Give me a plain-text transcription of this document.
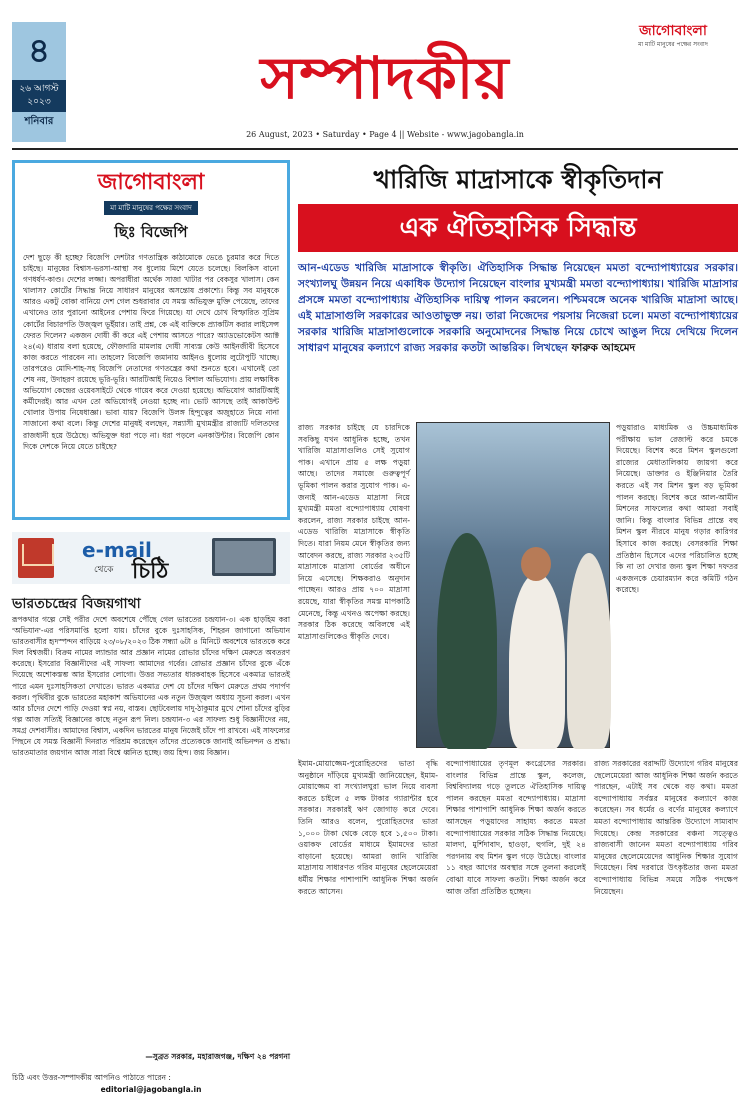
৪
২৬ আগস্ট ২০২৩
শনিবার
সম্পাদকীয়
জাগোবাংলা
মা মাটি মানুষের পক্ষের সংবাদ
26 August, 2023 • Saturday • Page 4 || Website - www.jagobangla.in
জাগোবাংলা
মা মাটি মানুষের পক্ষের সংবাদ
ছিঃ বিজেপি
দেশ ছুড়ে কী হচ্ছে? বিজেপি দেশটার গণতান্ত্রিক কাঠামোকে ভেঙে চুরমার করে দিতে চাইছে। মানুষের বিশ্বাস-ভরসা-আস্থা সব ধুলোয় মিশে যেতে চলেছে। বিলকিস বানো গণধর্ষণ-কাণ্ড। দেশের লজ্জা। অপরাধীরা অর্থেক সাজা খাটার পর বেকসুর খালাস। কেন খালাস? কোর্টের সিদ্ধান্ত নিয়ে সাধারণ মানুষের অসন্তোষ প্রকাশ্যে। কিন্তু সব মানুষকে আরও একটু বোকা বানিয়ে দেশ গেল শুধরাবার যে সমস্ত অভিযুক্ত মুক্তি পেয়েছে, তাদের এখানেও তার পুরানো আইনের পেশায় ফিরে গিয়েছে। যা দেখে চোখ বিস্ফারিত সুপ্রিম কোর্টের বিচারপতি উজ্জ্বল ভূইঁয়ার। তাই প্রশ্ন, কে এই ব্যক্তিকে প্র্যাকটিস করার লাইসেন্স ফেরত দিলেন? একজন দোষী কী করে এই পেশায় আসতে পারে? অ্যাডভোকেটস অ্যাক্ট ২৪(এ) ধারায় বলা হয়েছে, ফৌজদারি মামলায় দোষী সাব্যস্ত কেউ আইনজীবী হিসেবে কাজ করতে পারবেন না। তাহলে? বিজেপি জমানায় আইনও ধুলোয় লুটোপুটি খাচ্ছে। তারপরেও মোদি-শাহ-সহ বিজেপি নেতাদের গণতন্ত্রের কথা শুনতে হবে। এখানেই তো শেষ নয়, উদাহরণ রয়েছে ভূরি-ভূরি। আরটিআই নিয়েও বিশাল অভিযোগ। প্রায় লক্ষাধিক অভিযোগ কেন্দ্রের ওয়েবসাইটে থেকে গায়েব করে দেওয়া হয়েছে। অভিযোগ আরটিআই কর্মীদেরই। আর এখন তো অভিযোগই নেওয়া হচ্ছে না। ভোট আসছে তাই আকাউন্ট খোলার উপায় নিষেধাজ্ঞা। ভাবা যায়? বিজেপি উলঙ্গ হিন্দুত্বের অজুহাতে নিয়ে নানা সাজানো কথা বলে। কিন্তু দেশের মানুষই বলছেন, সন্ন্যাসী মুখ্যমন্ত্রীর রাজ্যটি দলিতদের রাজধানী হয়ে উঠেছে। অভিযুক্ত ধরা পড়ে না। ধরা পড়লে এনকাউন্টার। বিজেপি কোন দিকে দেশকে নিয়ে যেতে চাইছে?
e-mail
থেকে চিঠি
ভারতচন্দ্রের বিজয়গাথা
রূপকথার গল্পে সেই পরীর দেশে অবশেষে পৌঁছে গেল ভারতের চন্দ্রযান-৩। এক হাড়হিম করা 'অভিযান'-এর পরিসমাপ্তি হলো যায়। চাঁদের বুকে দুঃসাহসিক, শিহরন জাগানো অভিযান ভারতবাসীর হৃদস্পন্দন বাড়িয়ে ২৩/০৮/২০২৩ ঠিক সন্ধ্যা ৬টা ৪ মিনিটে অবশেষে ভারতকে করে দিল বিশ্বজয়ী। বিক্রম নামের ল্যান্ডার আর প্রজ্ঞান নামের রোভার চাঁদের দক্ষিণ মেরুতে অবতরণ করেছে। ইসরোর বিজ্ঞানীদের এই সাফল্য আমাদের গর্বের। রোভার প্রজ্ঞান চাঁদের বুকে এঁকে দিয়েছে অশোকস্তম্ভ আর ইসরোর লোগো। উত্তর সভ্যতার ধারকবাহক হিসেবে একমাত্র ভারতই পারে এমন দুঃসাহসিকতা দেখাতে। ভারত একমাত্র দেশ যে চাঁদের দক্ষিণ মেরুতে প্রথম পদার্পণ করল। পৃথিবীর বুকে ভারতের মহাকাশ অভিযানের এক নতুন উজ্জ্বল অধ্যায় সূচনা করল। এখন আর চাঁদের দেশে পাড়ি দেওয়া স্বপ্ন নয়, বাস্তব। ছোটবেলায় দাদু-ঠাকুমার মুখে শোনা চাঁদের বুড়ির গল্প আজ সত্যিই বিজ্ঞানের কাছে নতুন রূপ নিল। চন্দ্রযান-৩ এর সাফল্য শুধু বিজ্ঞানীদের নয়, সমগ্র দেশবাসীর। আমাদের বিশ্বাস, একদিন ভারতের মানুষ নিজেই চাঁদে পা রাখবে। এই সাফল্যের পিছনে যে সমস্ত বিজ্ঞানী দিনরাত পরিশ্রম করেছেন তাঁদের প্রত্যেককে জানাই অভিনন্দন ও শ্রদ্ধা। ভারতমাতার জয়গান আজ সারা বিশ্বে ধ্বনিত হচ্ছে। জয় হিন্দ। জয় বিজ্ঞান।
—সুব্রত সরকার, মহারাজগঞ্জ, দক্ষিণ ২৪ পরগনা
চিঠি এবং উত্তর-সম্পাদকীয় আপনিও পাঠাতে পারেন :
editorial@jagobangla.in
খারিজি মাদ্রাসাকে স্বীকৃতিদান
এক ঐতিহাসিক সিদ্ধান্ত
আন-এডেড খারিজি মাদ্রাসাকে স্বীকৃতি। ঐতিহাসিক সিদ্ধান্ত নিয়েছেন মমতা বন্দ্যোপাধ্যায়ের সরকার। সংখ্যালঘু উন্নয়ন নিয়ে একাধিক উদ্যোগ নিয়েছেন বাংলার মুখ্যমন্ত্রী মমতা বন্দ্যোপাধ্যায়। খারিজি মাদ্রাসার প্রসঙ্গে মমতা বন্দ্যোপাধ্যায় ঐতিহাসিক দায়িত্ব পালন করলেন। পশ্চিমবঙ্গে অনেক খারিজি মাদ্রাসা আছে। এই মাদ্রাসাগুলি সরকারের আওতাভুক্ত নয়। তারা নিজেদের পয়সায় নিজেরা চলে। মমতা বন্দ্যোপাধ্যায়ের সরকার খারিজি মাদ্রাসাগুলোকে সরকারি অনুমোদনের সিদ্ধান্ত নিয়ে চোখে আঙুল দিয়ে দেখিয়ে দিলেন সাধারণ মানুষের কল্যাণে রাজ্য সরকার কতটা আন্তরিক। লিখছেন ফারুক আহমেদ
রাজ্য সরকার চাইছে যে চারদিকে সবকিছু যখন আধুনিক হচ্ছে, তখন খারিজি মাদ্রাসাগুলিও সেই সুযোগ পাক। এখানে প্রায় ৫ লক্ষ পড়ুয়া আছে। তাদের সমাজে গুরুত্বপূর্ণ ভূমিকা পালন করার সুযোগ পাক। এ-জন্যই আন-এডেড মাদ্রাসা নিয়ে মুখ্যমন্ত্রী মমতা বন্দ্যোপাধ্যায় ঘোষণা করলেন, রাজ্য সরকার চাইছে আন-এডেড খারিজি মাদ্রাসাকে স্বীকৃতি দিতে। যারা নিয়ম মেনে স্বীকৃতির জন্য আবেদন করছে, রাজ্য সরকার ২৩৫টি মাদ্রাসাকে মাদ্রাসা বোর্ডের অধীনে নিয়ে এসেছে। শিক্ষকরাও অনুদান পাচ্ছেন। আরও প্রায় ৭০০ মাদ্রাসা রয়েছে, যারা স্বীকৃতির সমস্ত মাপকাঠি মেনেছে, কিন্তু এখনও অপেক্ষা করছে। সরকার ঠিক করেছে অবিলম্বে এই মাদ্রাসাগুলিকেও স্বীকৃতি দেবে।
পড়ুয়ারাও মাধ্যমিক ও উচ্চমাধ্যমিক পরীক্ষায় ভাল রেজাল্ট করে চমকে দিয়েছে। বিশেষ করে মিশন স্কুলগুলো রাজ্যের মেধাতালিকায় জায়গা করে নিয়েছে। ডাক্তার ও ইঞ্জিনিয়ার তৈরি করতে এই সব মিশন স্কুল বড় ভূমিকা পালন করছে। বিশেষ করে আল-আমীন মিশনের সাফল্যের কথা আমরা সবাই জানি। কিন্তু বাংলার বিভিন্ন প্রান্তে বহু মিশন স্কুল নীরবে মানুষ গড়ার কারিগর হিসাবে কাজ করছে। বেসরকারি শিক্ষা প্রতিষ্ঠান হিসেবে এদের পরিচালিত হচ্ছে কি না তা দেখার জন্য স্কুল শিক্ষা দফতর একজনকে চেয়ারম্যান করে কমিটি গঠন করেছে।
ইমাম-মোয়াজ্জেম-পুরোহিতদের ভাতা বৃদ্ধি অনুষ্ঠানে দাঁড়িয়ে মুখ্যমন্ত্রী জানিয়েছেন, ইমাম-মোয়াজ্জেম বা সংখ্যালঘুরা ভাল নিয়ে ব্যবসা করতে চাইলে ৫ লক্ষ টাকার গ্যারান্টার হবে সরকার। সরকারই ঋণ জোগাড় করে দেবে। তিনি আরও বলেন, পুরোহিতদের ভাতা ১,০০০ টাকা থেকে বেড়ে হবে ১,৫০০ টাকা। ওয়াকফ বোর্ডের মাধ্যমে ইমামদের ভাতা বাড়ানো হয়েছে। আমরা জানি খারিজি মাদ্রাসায় সাধারণত গরিব মানুষের ছেলেমেয়েরা ধর্মীয় শিক্ষার পাশাপাশি আধুনিক শিক্ষা অর্জন করতে আসেন।
বন্দ্যোপাধ্যায়ের তৃণমূল কংগ্রেসের সরকার। বাংলার বিভিন্ন প্রান্তে স্কুল, কলেজ, বিশ্ববিদ্যালয় গড়ে তুলতে ঐতিহাসিক দায়িত্ব পালন করছেন মমতা বন্দ্যোপাধ্যায়। মাদ্রাসা শিক্ষার পাশাপাশি আধুনিক শিক্ষা অর্জন করতে আসছেন পড়ুয়াদের সাহায্য করতে মমতা বন্দ্যোপাধ্যায়ের সরকার সঠিক সিদ্ধান্ত নিয়েছে। মালদা, মুর্শিদাবাদ, হাওড়া, হুগলি, দুই ২৪ পরগনায় বহু মিশন স্কুল গড়ে উঠেছে। বাংলার ১১ বছর আগের অবস্থার সঙ্গে তুলনা করলেই বোঝা যাবে সাফল্য কতটা। শিক্ষা অর্জন করে আজ তাঁরা প্রতিষ্ঠিত হচ্ছেন।
রাজ্য সরকারের বরাদ্দটি উদ্যোগে গরিব মানুষের ছেলেমেয়েরা আজ আধুনিক শিক্ষা অর্জন করতে পারছেন, এটাই সব থেকে বড় কথা। মমতা বন্দ্যোপাধ্যায় সর্বস্তর মানুষের কল্যাণে কাজ করেছেন। সব ধর্মের ও বর্ণের মানুষের কল্যাণে মমতা বন্দ্যোপাধ্যায় আন্তরিক উদ্যোগে সাম্যবাদ দিয়েছে। কেন্দ্র সরকারের বঞ্চনা সত্ত্বেও রাজ্যবাসী জানেন মমতা বন্দ্যোপাধ্যায় গরিব মানুষের ছেলেমেয়েদের আধুনিক শিক্ষার সুযোগ দিয়েছেন। বিশ্ব দরবারে উৎকৃষ্টতার জন্য মমতা বন্দ্যোপাধ্যায় বিভিন্ন সময়ে সঠিক পদক্ষেপ নিয়েছেন।
